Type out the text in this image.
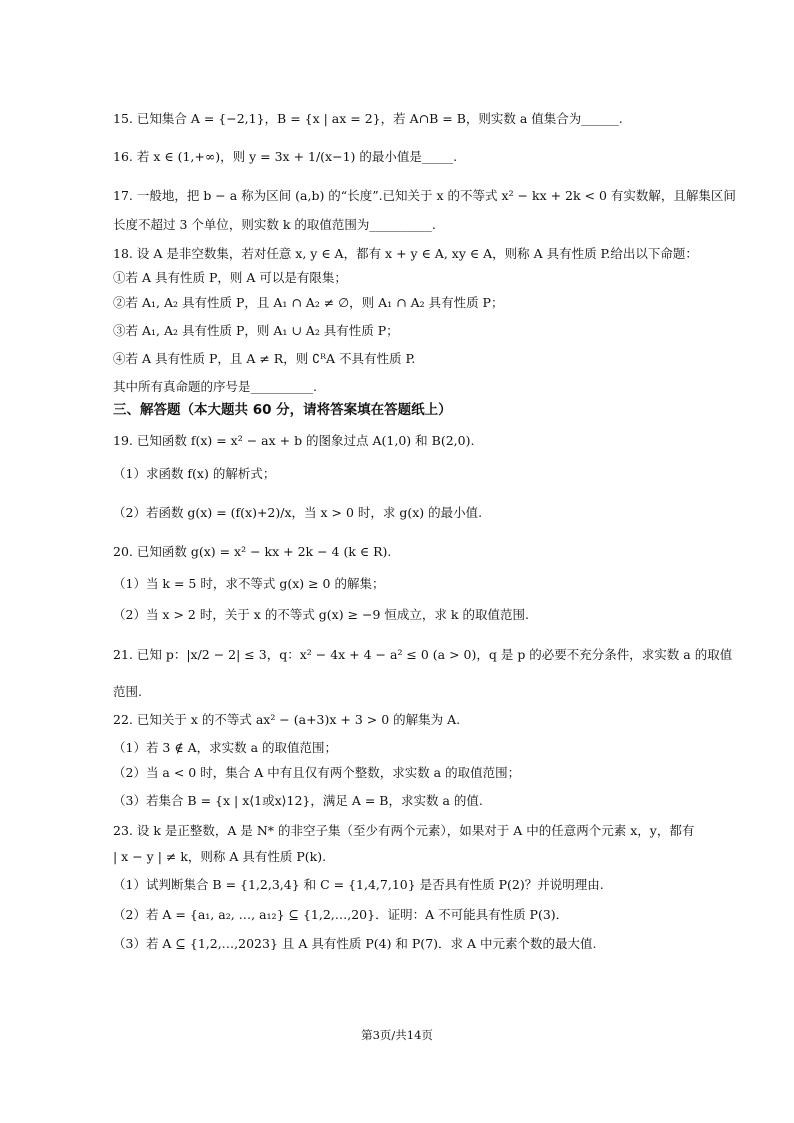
15. 已知集合 A = {−2,1}，B = {x | ax = 2}，若 A∩B = B，则实数 a 值集合为______.
16. 若 x ∈ (1,+∞)，则 y = 3x + 1/(x−1) 的最小值是_____.
17. 一般地，把 b − a 称为区间 (a,b) 的“长度”.已知关于 x 的不等式 x² − kx + 2k < 0 有实数解，且解集区间
长度不超过 3 个单位，则实数 k 的取值范围为__________.
18. 设 A 是非空数集，若对任意 x, y ∈ A，都有 x + y ∈ A, xy ∈ A，则称 A 具有性质 P.给出以下命题：
①若 A 具有性质 P，则 A 可以是有限集；
②若 A₁, A₂ 具有性质 P，且 A₁ ∩ A₂ ≠ ∅，则 A₁ ∩ A₂ 具有性质 P；
③若 A₁, A₂ 具有性质 P，则 A₁ ∪ A₂ 具有性质 P；
④若 A 具有性质 P，且 A ≠ R，则 ∁ᴿA 不具有性质 P.
其中所有真命题的序号是__________.
三、解答题（本大题共 60 分，请将答案填在答题纸上）
19. 已知函数 f(x) = x² − ax + b 的图象过点 A(1,0) 和 B(2,0).
（1）求函数 f(x) 的解析式；
（2）若函数 g(x) = (f(x)+2)/x，当 x > 0 时，求 g(x) 的最小值.
20. 已知函数 g(x) = x² − kx + 2k − 4 (k ∈ R).
（1）当 k = 5 时，求不等式 g(x) ≥ 0 的解集；
（2）当 x > 2 时，关于 x 的不等式 g(x) ≥ −9 恒成立，求 k 的取值范围.
21. 已知 p：|x/2 − 2| ≤ 3，q：x² − 4x + 4 − a² ≤ 0 (a > 0)，q 是 p 的必要不充分条件，求实数 a 的取值
范围.
22. 已知关于 x 的不等式 ax² − (a+3)x + 3 > 0 的解集为 A.
（1）若 3 ∉ A，求实数 a 的取值范围；
（2）当 a < 0 时，集合 A 中有且仅有两个整数，求实数 a 的取值范围；
（3）若集合 B = {x | x⟨1或x⟩12}，满足 A = B，求实数 a 的值.
23. 设 k 是正整数，A 是 N* 的非空子集（至少有两个元素），如果对于 A 中的任意两个元素 x，y，都有
| x − y | ≠ k，则称 A 具有性质 P(k).
（1）试判断集合 B = {1,2,3,4} 和 C = {1,4,7,10} 是否具有性质 P(2)？并说明理由.
（2）若 A = {a₁, a₂, …, a₁₂} ⊆ {1,2,…,20}．证明：A 不可能具有性质 P(3)．
（3）若 A ⊆ {1,2,…,2023} 且 A 具有性质 P(4) 和 P(7)．求 A 中元素个数的最大值.
第3页/共14页
